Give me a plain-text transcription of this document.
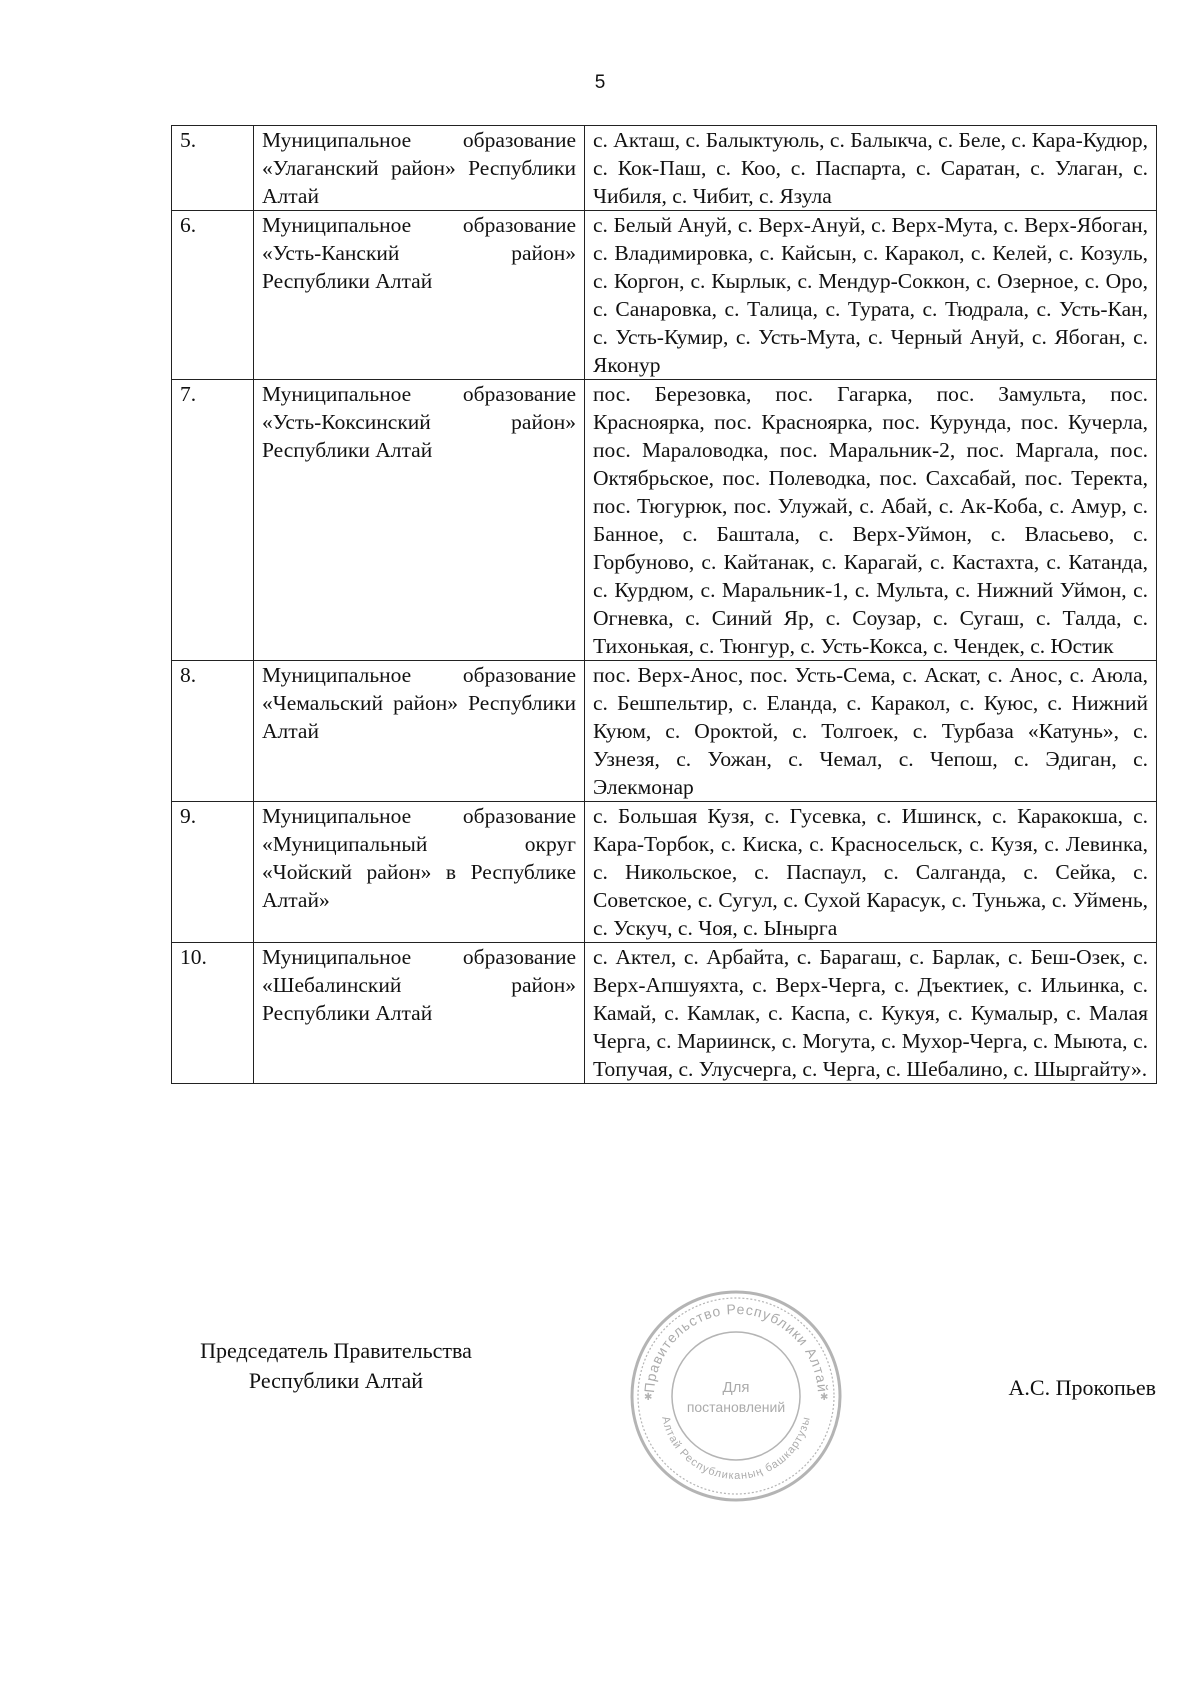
5
5.	Муниципальное образование «Улаганский район» Республики Алтай	с. Акташ, с. Балыктуюль, с. Балыкча, с. Беле, с. Кара-Кудюр, с. Кок-Паш, с. Коо, с. Паспарта, с. Саратан, с. Улаган, с. Чибиля, с. Чибит, с. Язула
6.	Муниципальное образование «Усть-Канский район» Республики Алтай	с. Белый Ануй, с. Верх-Ануй, с. Верх-Мута, с. Верх-Ябоган, с. Владимировка, с. Кайсын, с. Каракол, с. Келей, с. Козуль, с. Коргон, с. Кырлык, с. Мендур-Соккон, с. Озерное, с. Оро, с. Санаровка, с. Талица, с. Турата, с. Тюдрала, с. Усть-Кан, с. Усть-Кумир, с. Усть-Мута, с. Черный Ануй, с. Ябоган, с. Яконур
7.	Муниципальное образование «Усть-Коксинский район» Республики Алтай	пос. Березовка, пос. Гагарка, пос. Замульта, пос. Красноярка, пос. Красноярка, пос. Курунда, пос. Кучерла, пос. Мараловодка, пос. Маральник-2, пос. Маргала, пос. Октябрьское, пос. Полеводка, пос. Сахсабай, пос. Теректа, пос. Тюгурюк, пос. Улужай, с. Абай, с. Ак-Коба, с. Амур, с. Банное, с. Баштала, с. Верх-Уймон, с. Власьево, с. Горбуново, с. Кайтанак, с. Карагай, с. Кастахта, с. Катанда, с. Курдюм, с. Маральник-1, с. Мульта, с. Нижний Уймон, с. Огневка, с. Синий Яр, с. Соузар, с. Сугаш, с. Талда, с. Тихонькая, с. Тюнгур, с. Усть-Кокса, с. Чендек, с. Юстик
8.	Муниципальное образование «Чемальский район» Республики Алтай	пос. Верх-Анос, пос. Усть-Сема, с. Аскат, с. Анос, с. Аюла, с. Бешпельтир, с. Еланда, с. Каракол, с. Куюс, с. Нижний Куюм, с. Ороктой, с. Толгоек, с. Турбаза «Катунь», с. Узнезя, с. Уожан, с. Чемал, с. Чепош, с. Эдиган, с. Элекмонар
9.	Муниципальное образование «Муниципальный округ «Чойский район» в Республике Алтай»	с. Большая Кузя, с. Гусевка, с. Ишинск, с. Каракокша, с. Кара-Торбок, с. Киска, с. Красносельск, с. Кузя, с. Левинка, с. Никольское, с. Паспаул, с. Салганда, с. Сейка, с. Советское, с. Сугул, с. Сухой Карасук, с. Туньжа, с. Уймень, с. Ускуч, с. Чоя, с. Ынырга
10.	Муниципальное образование «Шебалинский район» Республики Алтай	с. Актел, с. Арбайта, с. Барагаш, с. Барлак, с. Беш-Озек, с. Верх-Апшуяхта, с. Верх-Черга, с. Дъектиек, с. Ильинка, с. Камай, с. Камлак, с. Каспа, с. Кукуя, с. Кумалыр, с. Малая Черга, с. Мариинск, с. Могута, с. Мухор-Черга, с. Мыюта, с. Топучая, с. Улусчерга, с. Черга, с. Шебалино, с. Шыргайту».
Председатель Правительства
Республики Алтай	Правительство Республики Алтай
Алтай Республиканың башкартузы
✱	✱
Для
постановлений
А.С. Прокопьев
